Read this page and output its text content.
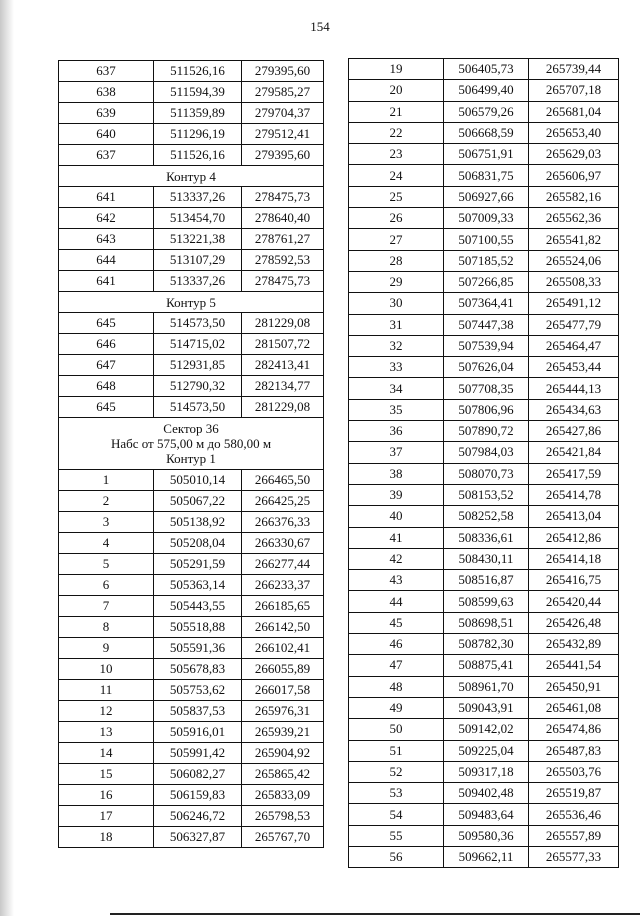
154
637	511526,16	279395,60
638	511594,39	279585,27
639	511359,89	279704,37
640	511296,19	279512,41
637	511526,16	279395,60

Контур 4		

641	513337,26	278475,73
642	513454,70	278640,40
643	513221,38	278761,27
644	513107,29	278592,53
641	513337,26	278475,73

Контур 5		

645	514573,50	281229,08
646	514715,02	281507,72
647	512931,85	282413,41
648	512790,32	282134,77
645	514573,50	281229,08

Сектор 36
Набс от 575,00 м до 580,00 м
Контур 1		

1	505010,14	266465,50
2	505067,22	266425,25
3	505138,92	266376,33
4	505208,04	266330,67
5	505291,59	266277,44
6	505363,14	266233,37
7	505443,55	266185,65
8	505518,88	266142,50
9	505591,36	266102,41
10	505678,83	266055,89
11	505753,62	266017,58
12	505837,53	265976,31
13	505916,01	265939,21
14	505991,42	265904,92
15	506082,27	265865,42
16	506159,83	265833,09
17	506246,72	265798,53
18	506327,87	265767,70
19	506405,73	265739,44
20	506499,40	265707,18
21	506579,26	265681,04
22	506668,59	265653,40
23	506751,91	265629,03
24	506831,75	265606,97
25	506927,66	265582,16
26	507009,33	265562,36
27	507100,55	265541,82
28	507185,52	265524,06
29	507266,85	265508,33
30	507364,41	265491,12
31	507447,38	265477,79
32	507539,94	265464,47
33	507626,04	265453,44
34	507708,35	265444,13
35	507806,96	265434,63
36	507890,72	265427,86
37	507984,03	265421,84
38	508070,73	265417,59
39	508153,52	265414,78
40	508252,58	265413,04
41	508336,61	265412,86
42	508430,11	265414,18
43	508516,87	265416,75
44	508599,63	265420,44
45	508698,51	265426,48
46	508782,30	265432,89
47	508875,41	265441,54
48	508961,70	265450,91
49	509043,91	265461,08
50	509142,02	265474,86
51	509225,04	265487,83
52	509317,18	265503,76
53	509402,48	265519,87
54	509483,64	265536,46
55	509580,36	265557,89
56	509662,11	265577,33
